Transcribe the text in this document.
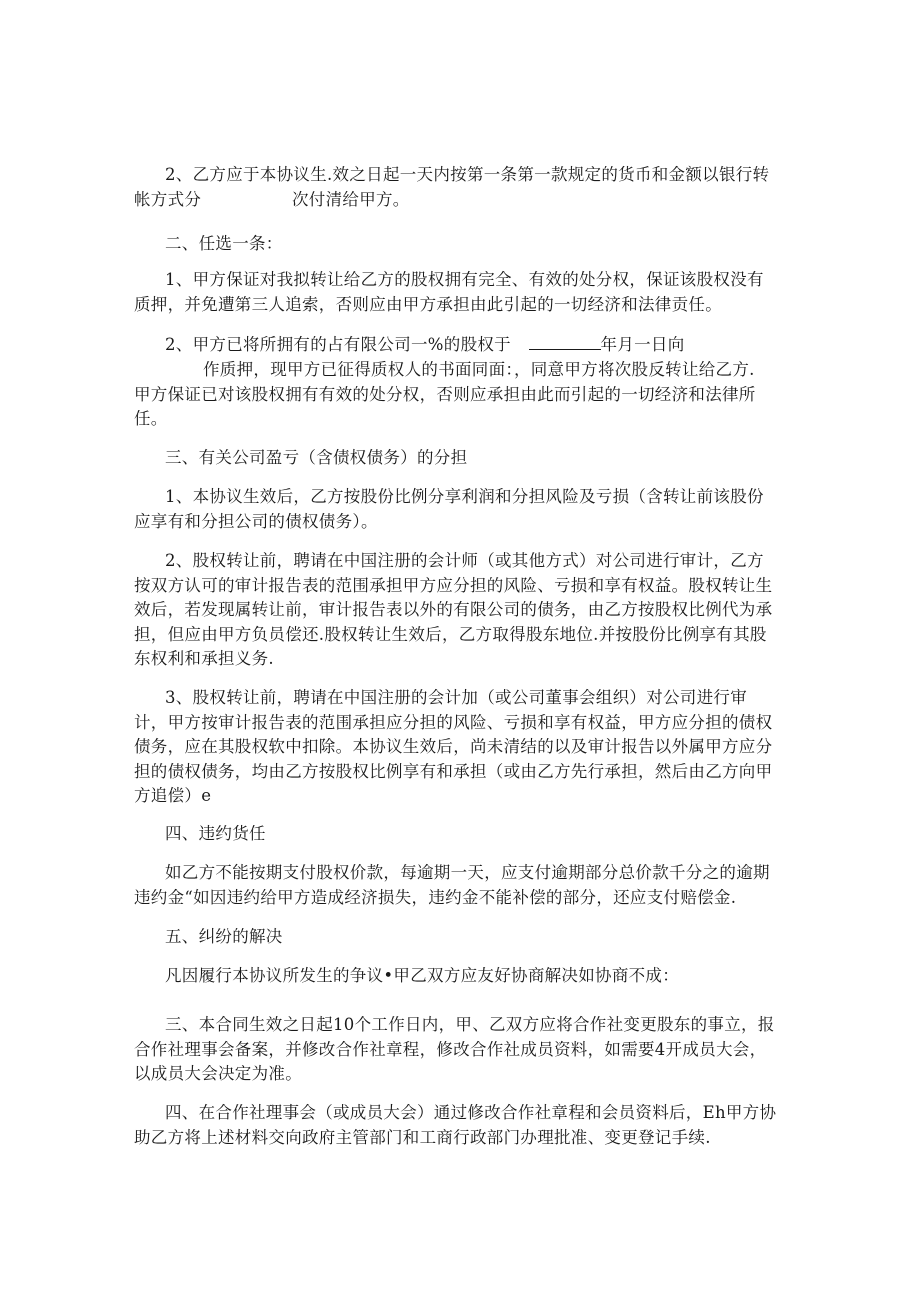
2、乙方应于本协议生.效之日起一天内按第一条第一款规定的货币和金额以银行转
帐方式分	次付清给甲方。
二、任选一条：
1、甲方保证对我拟转让给乙方的股权拥有完全、有效的处分权，保证该股权没有
质押，并免遭第三人追索，否则应由甲方承担由此引起的一切经济和法律贡任。
2、甲方已将所拥有的占有限公司一%的股权于	年月一日向
作质押，现甲方已征得质权人的书面同面：，同意甲方将次股反转让给乙方.
甲方保证已对该股权拥有有效的处分权，否则应承担由此而引起的一切经济和法律所
任。
三、有关公司盈亏（含债权债务）的分担
1、本协议生效后，乙方按股份比例分享利润和分担风险及亏损（含转让前该股份
应享有和分担公司的债权债务）。
2、股权转让前，聘请在中国注册的会计师（或其他方式）对公司进行审计，乙方
按双方认可的审计报告表的范围承担甲方应分担的风险、亏损和享有权益。股权转让生
效后，若发现属转让前，审计报告表以外的有限公司的债务，由乙方按股权比例代为承
担，但应由甲方负员偿还.股权转让生效后，乙方取得股东地位.并按股份比例享有其股
东权利和承担义务.
3、股权转让前，聘请在中国注册的会计加（或公司董事会组织）对公司进行审
计，甲方按审计报告表的范围承担应分担的风险、亏损和享有权益，甲方应分担的债权
债务，应在其股权软中扣除。本协议生效后，尚未清结的以及审计报告以外属甲方应分
担的债权债务，均由乙方按股权比例享有和承担（或由乙方先行承担，然后由乙方向甲
方追偿）e
四、违约货任
如乙方不能按期支付股权价款，每逾期一天，应支付逾期部分总价款千分之的逾期
违约金“如因违约给甲方造成经济损失，违约金不能补偿的部分，还应支付赔偿金.
五、纠纷的解决
凡因履行本协议所发生的争议•甲乙双方应友好协商解决如协商不成：
三、本合同生效之日起10个工作日内，甲、乙双方应将合作社变更股东的事立，报
合作社理事会备案，并修改合作社章程，修改合作社成员资料，如需要4开成员大会，
以成员大会决定为准。
四、在合作社理事会（或成员大会）通过修改合作社章程和会员资料后，Eh甲方协
助乙方将上述材料交向政府主管部门和工商行政部门办理批准、变更登记手续.
